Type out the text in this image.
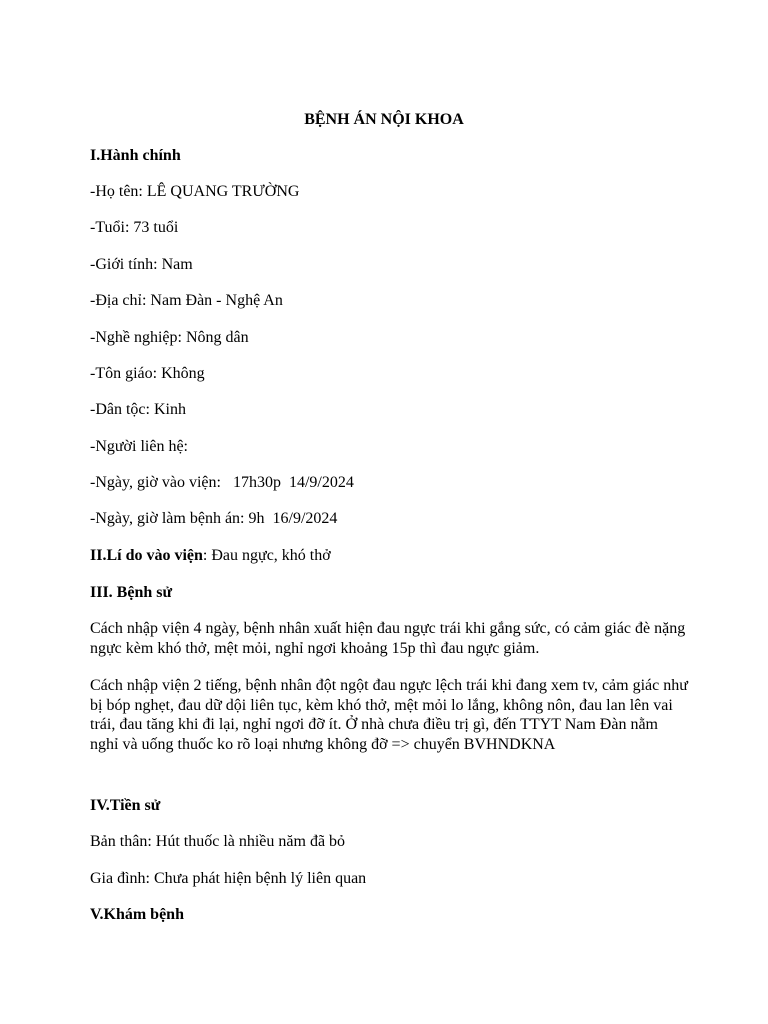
BỆNH ÁN NỘI KHOA
I.Hành chính
-Họ tên: LÊ QUANG TRƯỜNG
-Tuổi: 73 tuổi
-Giới tính: Nam
-Địa chỉ: Nam Đàn - Nghệ An
-Nghề nghiệp: Nông dân
-Tôn giáo: Không
-Dân tộc: Kinh
-Người liên hệ:
-Ngày, giờ vào viện:   17h30p  14/9/2024
-Ngày, giờ làm bệnh án: 9h  16/9/2024
II.Lí do vào viện: Đau ngực, khó thở
III. Bệnh sử
Cách nhập viện 4 ngày, bệnh nhân xuất hiện đau ngực trái khi gắng sức, có cảm giác đè nặng ngực kèm khó thở, mệt mỏi, nghỉ ngơi khoảng 15p thì đau ngực giảm.
Cách nhập viện 2 tiếng, bệnh nhân đột ngột đau ngực lệch trái khi đang xem tv, cảm giác như bị bóp nghẹt, đau dữ dội liên tục, kèm khó thở, mệt mỏi lo lắng, không nôn, đau lan lên vai trái, đau tăng khi đi lại, nghỉ ngơi đỡ ít. Ở nhà chưa điều trị gì, đến TTYT Nam Đàn nằm nghỉ và uống thuốc ko rõ loại nhưng không đỡ => chuyển BVHNDKNA
IV.Tiền sử
Bản thân: Hút thuốc là nhiều năm đã bỏ
Gia đình: Chưa phát hiện bệnh lý liên quan
V.Khám bệnh
